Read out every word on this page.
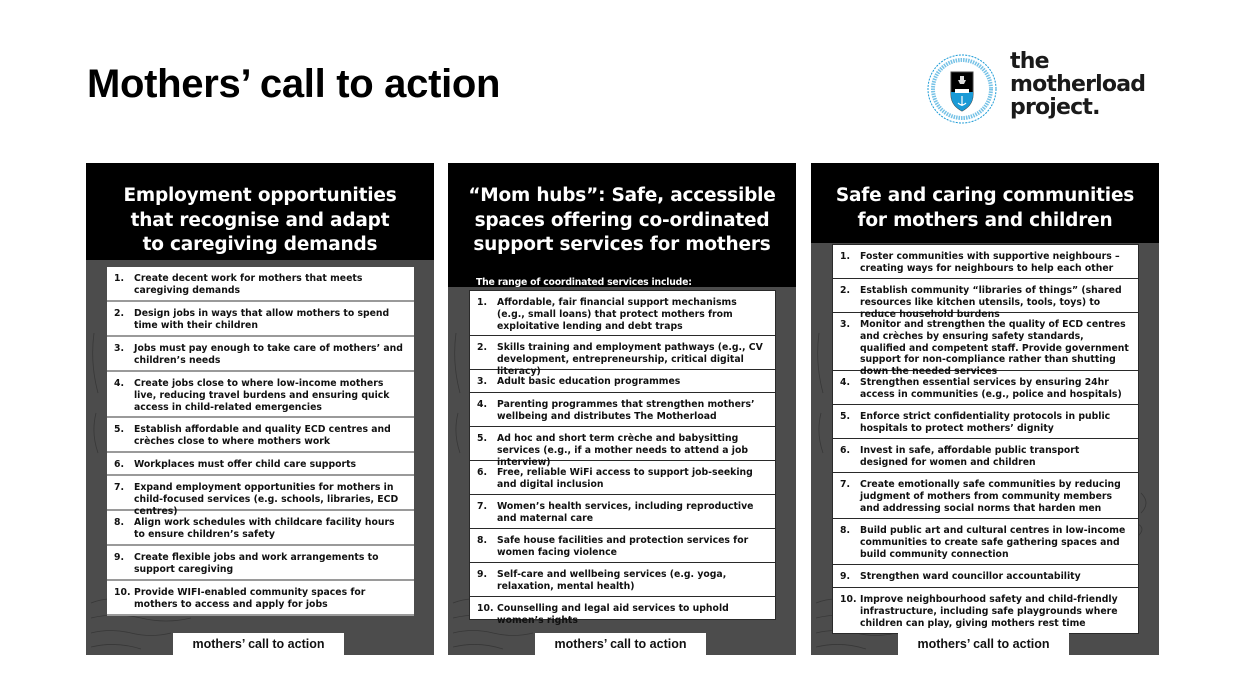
Mothers’ call to action
the
motherload
project.
Employment opportunities
that recognise and adapt
to caregiving demands
1.	Create decent work for mothers that meets caregiving demands
2.	Design jobs in ways that allow mothers to spend time with their children
3.	Jobs must pay enough to take care of mothers’ and children’s needs
4.	Create jobs close to where low-income mothers live, reducing travel burdens and ensuring quick access in child-related emergencies
5.	Establish affordable and quality ECD centres and crèches close to where mothers work
6.	Workplaces must offer child care supports
7.	Expand employment opportunities for mothers in child-focused services (e.g. schools, libraries, ECD centres)
8.	Align work schedules with childcare facility hours to ensure children’s safety
9.	Create flexible jobs and work arrangements to support caregiving
10. Provide WIFI-enabled community spaces for mothers to access and apply for jobs
mothers’ call to action
“Mom hubs”: Safe, accessible
spaces offering co-ordinated
support services for mothers
The range of coordinated services include:
1.	Affordable, fair financial support mechanisms (e.g., small loans) that protect mothers from exploitative lending and debt traps
2.	Skills training and employment pathways (e.g., CV development, entrepreneurship, critical digital literacy)
3.	Adult basic education programmes
4.	Parenting programmes that strengthen mothers’ wellbeing and distributes The Motherload
5.	Ad hoc and short term crèche and babysitting services (e.g., if a mother needs to attend a job interview)
6.	Free, reliable WiFi access to support job-seeking and digital inclusion
7.	Women’s health services, including reproductive and maternal care
8.	Safe house facilities and protection services for women facing violence
9.	Self-care and wellbeing services (e.g. yoga, relaxation, mental health)
10. Counselling and legal aid services to uphold women’s rights
mothers’ call to action
Safe and caring communities
for mothers and children
1.	Foster communities with supportive neighbours – creating ways for neighbours to help each other
2.	Establish community “libraries of things” (shared resources like kitchen utensils, tools, toys) to reduce household burdens
3.	Monitor and strengthen the quality of ECD centres and crèches by ensuring safety standards, qualified and competent staff. Provide government support for non-compliance rather than shutting down the needed services
4.	Strengthen essential services by ensuring 24hr access in communities (e.g., police and hospitals)
5.	Enforce strict confidentiality protocols in public hospitals to protect mothers’ dignity
6.	Invest in safe, affordable public transport designed for women and children
7.	Create emotionally safe communities by reducing judgment of mothers from community members and addressing social norms that harden men
8.	Build public art and cultural centres in low-income communities to create safe gathering spaces and build community connection
9.	Strengthen ward councillor accountability
10. Improve neighbourhood safety and child-friendly infrastructure, including safe playgrounds where children can play, giving mothers rest time
mothers’ call to action
